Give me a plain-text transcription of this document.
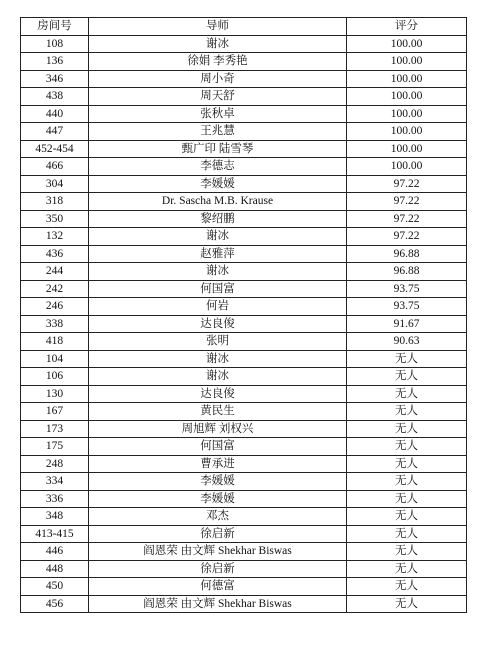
房间号	导师	评分
108	谢冰	100.00
136	徐娟 李秀艳	100.00
346	周小奇	100.00
438	周天舒	100.00
440	张秋卓	100.00
447	王兆慧	100.00
452-454	甄广印 陆雪琴	100.00
466	李德志	100.00
304	李媛媛	97.22
318	Dr. Sascha M.B. Krause	97.22
350	黎绍鹏	97.22
132	谢冰	97.22
436	赵雅萍	96.88
244	谢冰	96.88
242	何国富	93.75
246	何岩	93.75
338	达良俊	91.67
418	张明	90.63
104	谢冰	无人
106	谢冰	无人
130	达良俊	无人
167	黄民生	无人
173	周旭辉 刘权兴	无人
175	何国富	无人
248	曹承进	无人
334	李媛媛	无人
336	李媛媛	无人
348	邓杰	无人
413-415	徐启新	无人
446	阎恩荣 由文辉 Shekhar Biswas	无人
448	徐启新	无人
450	何德富	无人
456	阎恩荣 由文辉 Shekhar Biswas	无人
